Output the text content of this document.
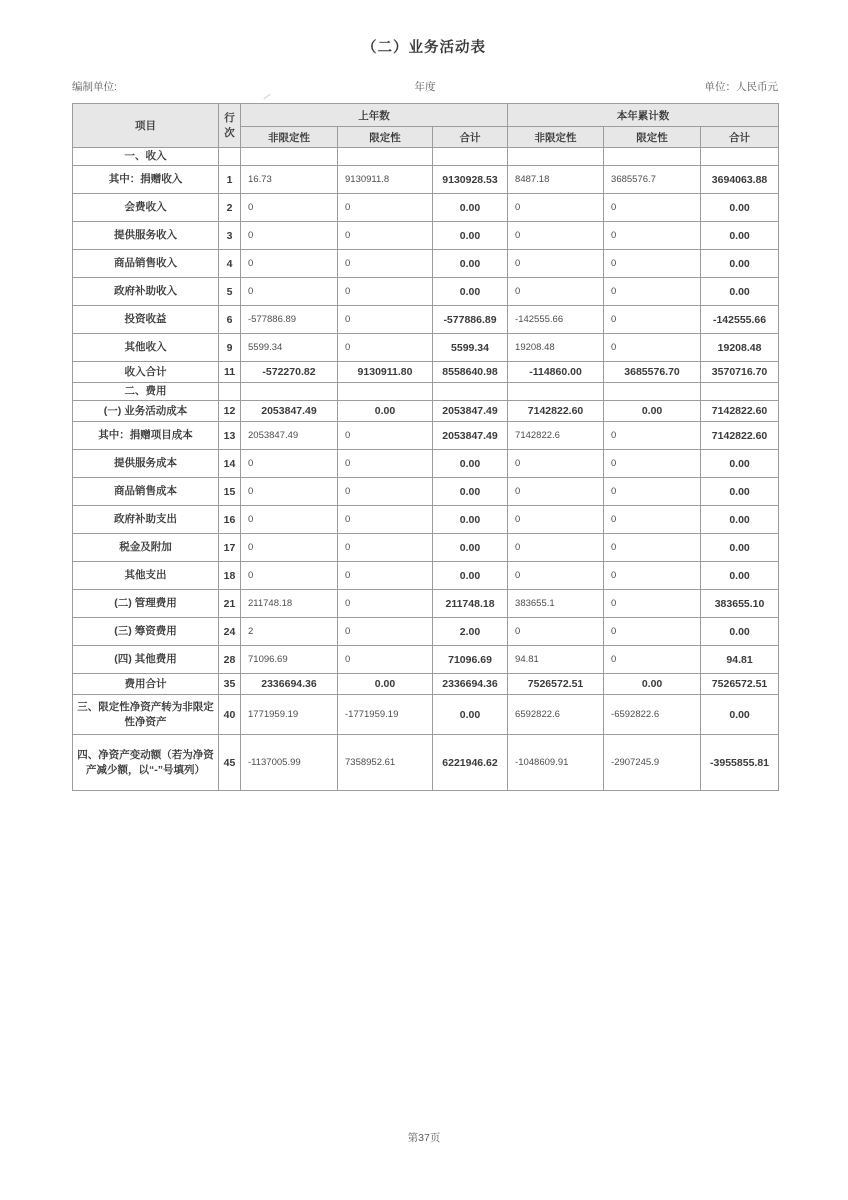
（二）业务活动表
编制单位:	年度	单位：人民币元
项目	行次	上年数			本年累计数		
		非限定性	限定性	合计	非限定性	限定性	合计
一、收入							
其中：捐赠收入	1	16.73	9130911.8	9130928.53	8487.18	3685576.7	3694063.88
会费收入	2	0	0	0.00	0	0	0.00
提供服务收入	3	0	0	0.00	0	0	0.00
商品销售收入	4	0	0	0.00	0	0	0.00
政府补助收入	5	0	0	0.00	0	0	0.00
投资收益	6	-577886.89	0	-577886.89	-142555.66	0	-142555.66
其他收入	9	5599.34	0	5599.34	19208.48	0	19208.48
收入合计	11	-572270.82	9130911.80	8558640.98	-114860.00	3685576.70	3570716.70
二、费用							
(一) 业务活动成本	12	2053847.49	0.00	2053847.49	7142822.60	0.00	7142822.60
其中：捐赠项目成本	13	2053847.49	0	2053847.49	7142822.6	0	7142822.60
提供服务成本	14	0	0	0.00	0	0	0.00
商品销售成本	15	0	0	0.00	0	0	0.00
政府补助支出	16	0	0	0.00	0	0	0.00
税金及附加	17	0	0	0.00	0	0	0.00
其他支出	18	0	0	0.00	0	0	0.00
(二) 管理费用	21	211748.18	0	211748.18	383655.1	0	383655.10
(三) 筹资费用	24	2	0	2.00	0	0	0.00
(四) 其他费用	28	71096.69	0	71096.69	94.81	0	94.81
费用合计	35	2336694.36	0.00	2336694.36	7526572.51	0.00	7526572.51
三、限定性净资产转为非限定性净资产	40	1771959.19	-1771959.19	0.00	6592822.6	-6592822.6	0.00
四、净资产变动额（若为净资产减少额，以“-”号填列）	45	-1137005.99	7358952.61	6221946.62	-1048609.91	-2907245.9	-3955855.81
第37页
